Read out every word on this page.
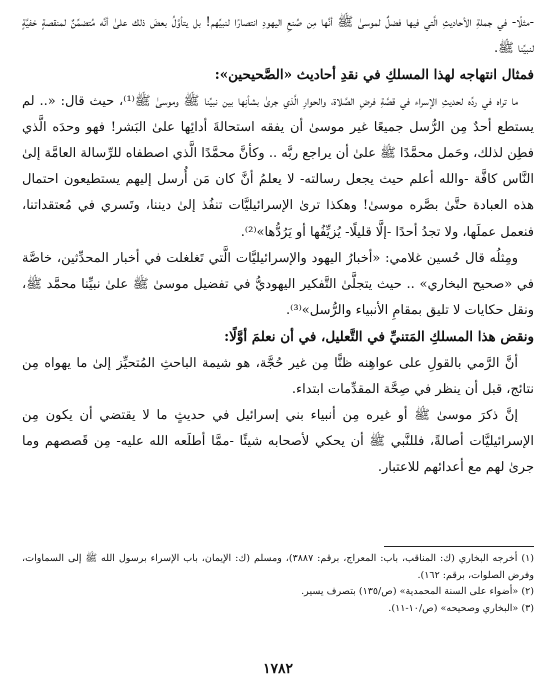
-مثلًا- في جملةِ الأحاديثِ الَّتي فيها فضلٌ لموسىٰ ﷺ أنَّها مِن صُنعِ اليهودِ انتصارًا لنبيِّهم! بل يتأوَّلُ بعضَ ذلك علىٰ أنَّه مُتضمِّنٌ لمنقصةٍ خفيَّةٍ لنبيِّنا ﷺ.

فمثال انتهاجه لهذا المسلكِ في نقدِ أحاديث «الصَّحيحين»:

ما تراه في ردِّه لحديثِ الإسراء في قصَّةِ فرضِ الصَّلاة، والحوارِ الَّذي جرىٰ بشأنِها بين نبيِّنا ﷺ وموسىٰ ﷺ⁽¹⁾، حيث قال: «.. لم يستطع أحدٌ مِن الرُّسل جميعًا غير موسىٰ أن يفقه استحالةَ أدائِها علىٰ البَشر! فهو وحدَه الَّذي فطِن لذلك، وحَمل محمَّدًا ﷺ علىٰ أن يراجع ربَّه .. وكأنَّ محمَّدًا الَّذي اصطفاه للرِّسالة العامَّة إلىٰ النَّاس كافَّة -والله أعلم حيث يجعل رسالته- لا يعلمُ أنَّ كان مَن أُرسل إليهم يستطيعون احتمال هذه العبادة حتَّىٰ بصَّره موسىٰ! وهكذا ترىٰ الإسرائيليَّات تنفُذ إلىٰ ديننا، وتَسري في مُعتقداتنا، فنعمل عملَها، ولا تجدُ أحدًا -إلَّا قليلًا- يُزيِّفُها أو يَرُدُّها»⁽²⁾.

ومِثلُه قال حُسين غلامي: «أخبارُ اليهود والإسرائيليَّات الَّتي تَغلغلت في أخبار المحدِّثين، خاصَّة في «صحيح البخاري» .. حيث يتجلَّىٰ التَّفكير اليهوديُّ في تفضيل موسىٰ ﷺ علىٰ نبيِّنا محمَّد ﷺ، ونقل حكايات لا تليق بمقامِ الأنبياء والرُّسل»⁽³⁾.

ونقض هذا المسلكِ المَتنيِّ في التَّعليل، في أن نعلمَ أوَّلًا:

أنَّ الرَّمي بالقولِ على عواهِنه ظنًّا مِن غير حُجَّة، هو شيمة الباحثِ المُتحيِّز إلىٰ ما يهواه مِن نتائج، قبل أن ينظر في صِحَّة المقدِّمات ابتداء.

إنَّ ذكرَ موسىٰ ﷺ أو غيره مِن أنبياء بني إسرائيل في حديثٍ ما لا يقتضي أن يكون مِن الإسرائيليَّات أصالةً، فللنَّبي ﷺ أن يحكي لأصحابه شيئًا -ممَّا أطلَعه الله عليه- مِن قَصصهم وما جرىٰ لهم مع أعدائهم للاعتبار.

(١) أخرجه البخاري (ك: المناقب، باب: المعراج، برقم: ٣٨٨٧)، ومسلم (ك: الإيمان، باب الإسراء برسول الله ﷺ إلى السماوات، وفرض الصلوات، برقم: ١٦٢).

(٢) «أضواء على السنة المحمدية» (ص/١٣٥) بتصرف يسير.

(٣) «البخاري وصحيحه» (ص/١٠-١١).

١٧٨٢
